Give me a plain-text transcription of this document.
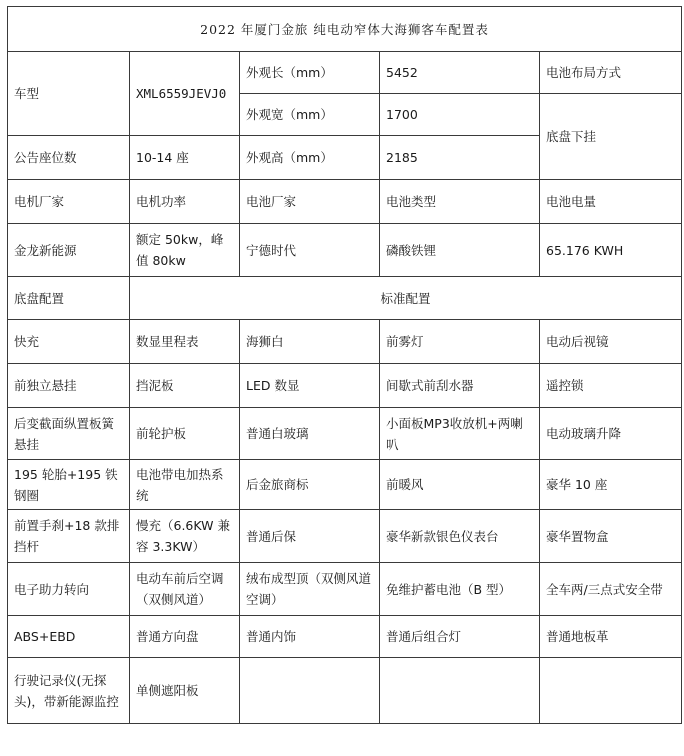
2022 年厦门金旅 纯电动窄体大海狮客车配置表				
车型	XML6559JEVJ0	外观长（mm）	5452	电池布局方式
		外观宽（mm）	1700	底盘下挂
公告座位数	10-14 座	外观高（mm）	2185	
电机厂家	电机功率	电池厂家	电池类型	电池电量
金龙新能源	额定 50kw，峰值 80kw	宁德时代	磷酸铁锂	65.176 KWH
底盘配置	标准配置			
快充	数显里程表	海狮白	前雾灯	电动后视镜
前独立悬挂	挡泥板	LED 数显	间歇式前刮水器	遥控锁
后变截面纵置板簧悬挂	前轮护板	普通白玻璃	小面板MP3收放机+两喇叭	电动玻璃升降
195 轮胎+195 铁钢圈	电池带电加热系统	后金旅商标	前暖风	豪华 10 座
前置手刹+18 款排挡杆	慢充（6.6KW 兼容 3.3KW）	普通后保	豪华新款银色仪表台	豪华置物盒
电子助力转向	电动车前后空调（双侧风道）	绒布成型顶（双侧风道空调）	免维护蓄电池（B 型）	全车两/三点式安全带
ABS+EBD	普通方向盘	普通内饰	普通后组合灯	普通地板革
行驶记录仪(无探头)，带新能源监控	单侧遮阳板			
